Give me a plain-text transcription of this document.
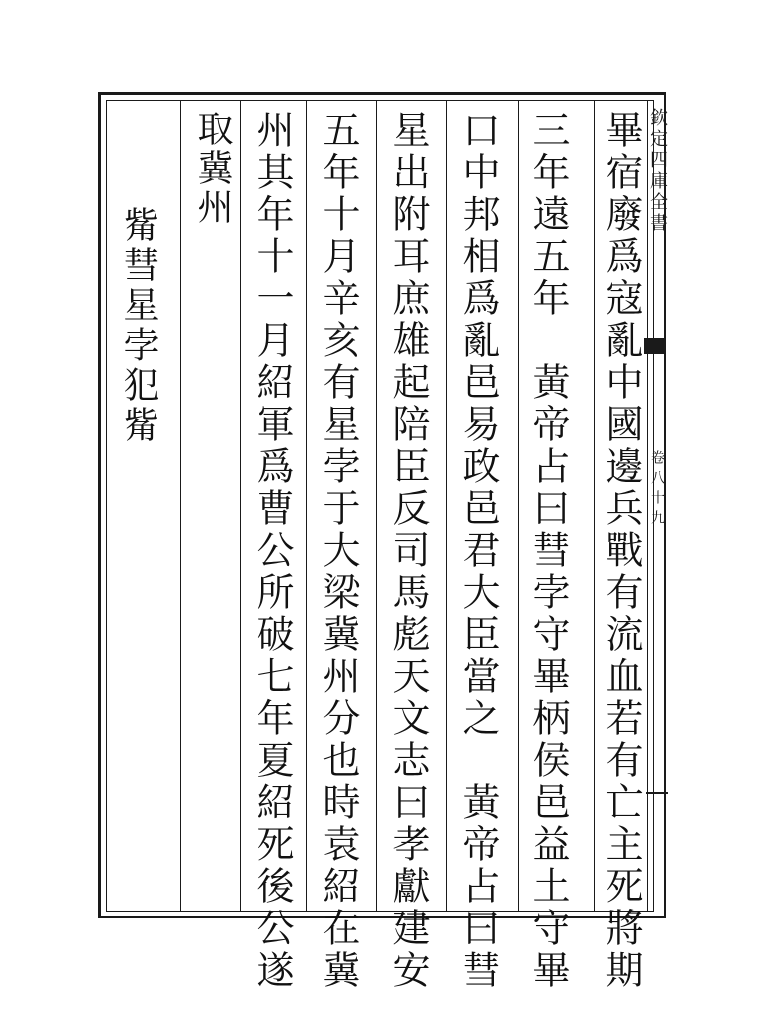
欽定四庫全書
卷八十九
畢宿廢爲寇亂中國邊兵戰有流血若有亡主死將期
三年遠五年　黃帝占曰彗孛守畢柄侯邑益土守畢
口中邦相爲亂邑易政邑君大臣當之　黃帝占曰彗
星出附耳庶雄起陪臣反司馬彪天文志曰孝獻建安
五年十月辛亥有星孛于大梁冀州分也時袁紹在冀
州其年十一月紹軍爲曹公所破七年夏紹死後公遂
取冀州
觜彗星孛犯觜
